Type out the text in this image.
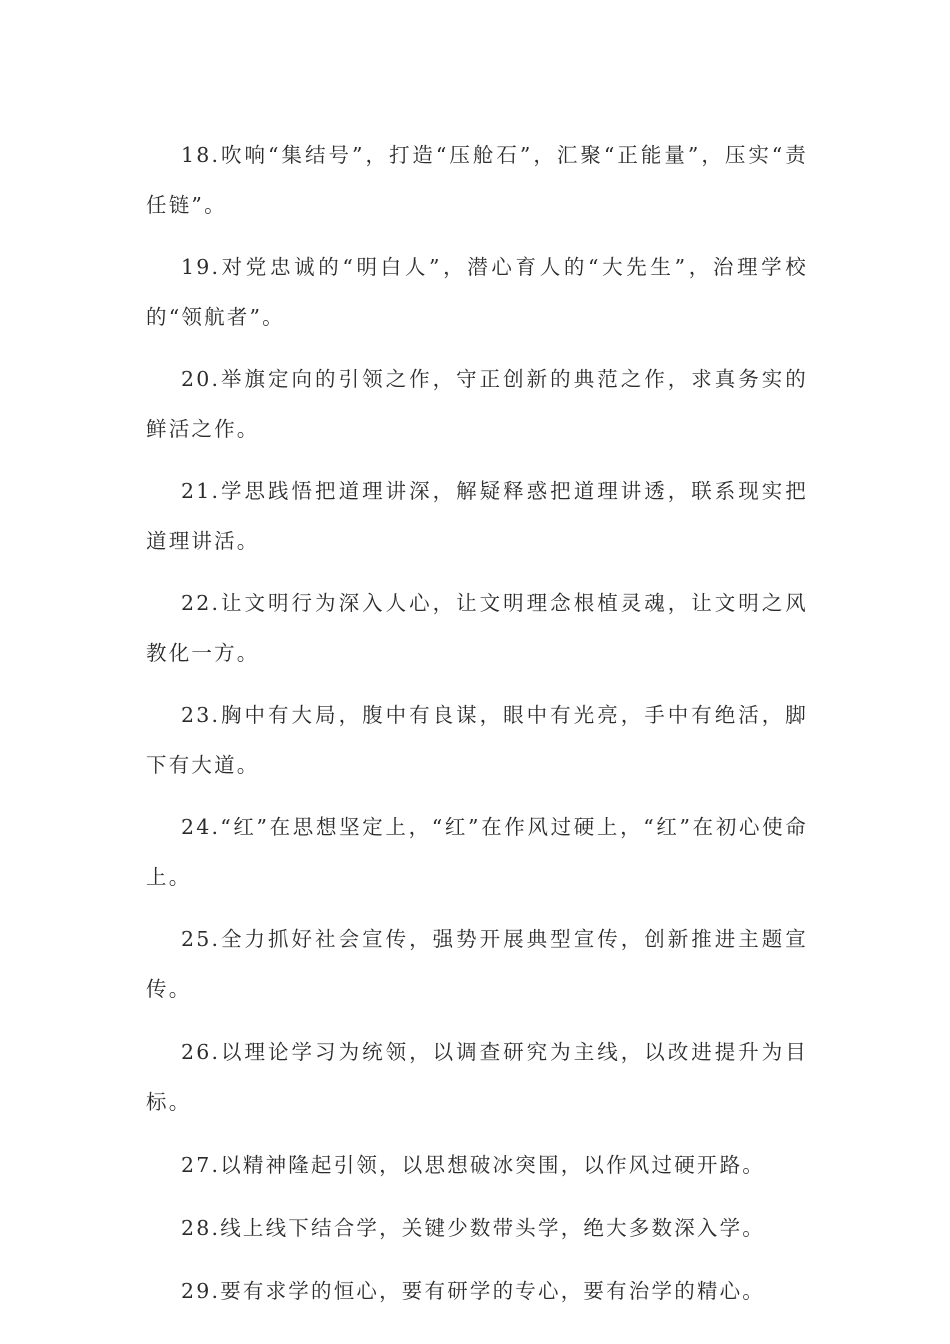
18.吹响“集结号”，打造“压舱石”，汇聚“正能量”，压实“责任链”。

19.对党忠诚的“明白人”，潜心育人的“大先生”，治理学校的“领航者”。

20.举旗定向的引领之作，守正创新的典范之作，求真务实的鲜活之作。

21.学思践悟把道理讲深，解疑释惑把道理讲透，联系现实把道理讲活。

22.让文明行为深入人心，让文明理念根植灵魂，让文明之风教化一方。

23.胸中有大局，腹中有良谋，眼中有光亮，手中有绝活，脚下有大道。

24.“红”在思想坚定上，“红”在作风过硬上，“红”在初心使命上。

25.全力抓好社会宣传，强势开展典型宣传，创新推进主题宣传。

26.以理论学习为统领，以调查研究为主线，以改进提升为目标。

27.以精神隆起引领，以思想破冰突围，以作风过硬开路。

28.线上线下结合学，关键少数带头学，绝大多数深入学。

29.要有求学的恒心，要有研学的专心，要有治学的精心。
